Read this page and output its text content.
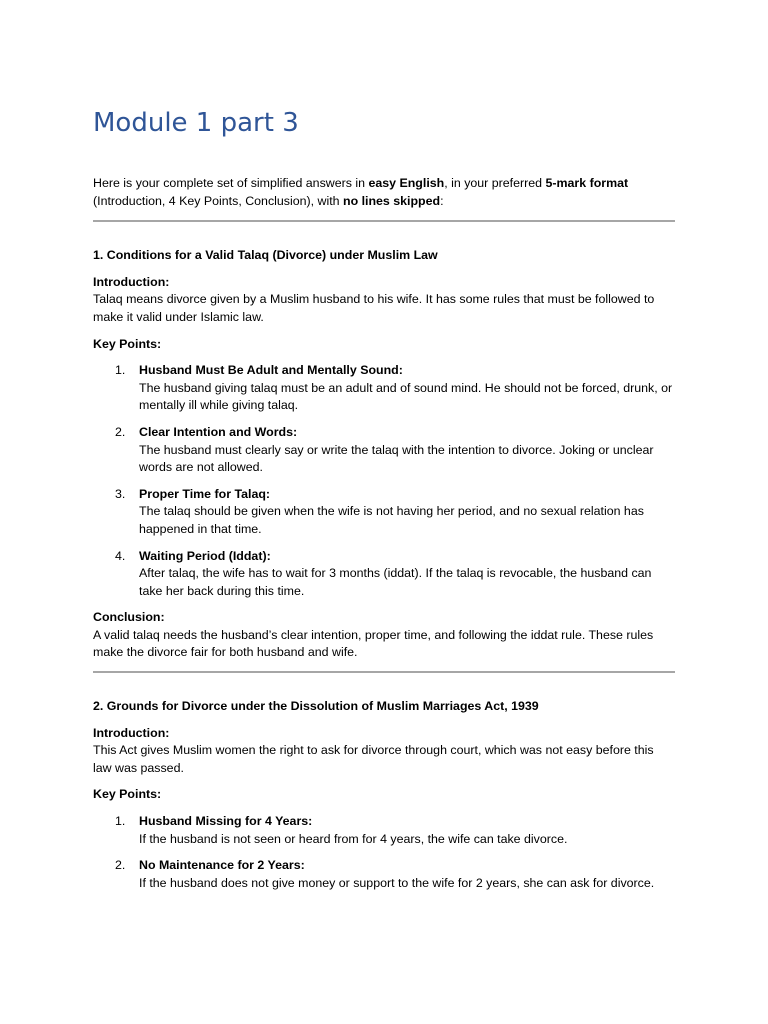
Module 1 part 3

Here is your complete set of simplified answers in easy English, in your preferred 5-mark format (Introduction, 4 Key Points, Conclusion), with no lines skipped:

1. Conditions for a Valid Talaq (Divorce) under Muslim Law

Introduction:

Talaq means divorce given by a Muslim husband to his wife. It has some rules that must be followed to make it valid under Islamic law.

Key Points:

1. Husband Must Be Adult and Mentally Sound:

The husband giving talaq must be an adult and of sound mind. He should not be forced, drunk, or mentally ill while giving talaq.

2. Clear Intention and Words:

The husband must clearly say or write the talaq with the intention to divorce. Joking or unclear words are not allowed.

3. Proper Time for Talaq:

The talaq should be given when the wife is not having her period, and no sexual relation has happened in that time.

4. Waiting Period (Iddat):

After talaq, the wife has to wait for 3 months (iddat). If the talaq is revocable, the husband can take her back during this time.

Conclusion:

A valid talaq needs the husband’s clear intention, proper time, and following the iddat rule. These rules make the divorce fair for both husband and wife.

2. Grounds for Divorce under the Dissolution of Muslim Marriages Act, 1939

Introduction:

This Act gives Muslim women the right to ask for divorce through court, which was not easy before this law was passed.

Key Points:

1. Husband Missing for 4 Years:

If the husband is not seen or heard from for 4 years, the wife can take divorce.

2. No Maintenance for 2 Years:

If the husband does not give money or support to the wife for 2 years, she can ask for divorce.
